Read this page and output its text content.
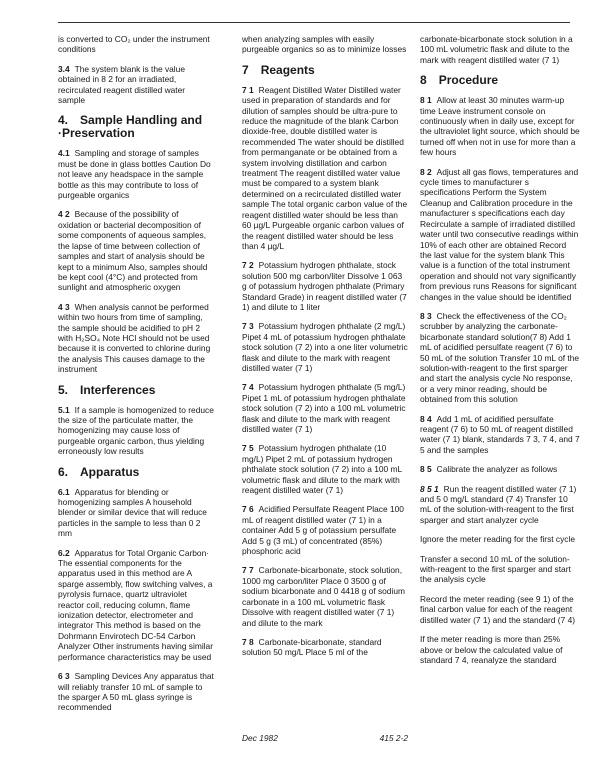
is converted to CO₂ under the instrument conditions

3.4 The system blank is the value obtained in 8 2 for an irradiated, recirculated reagent distilled water sample

4. Sample Handling and ·Preservation

4.1 Sampling and storage of samples must be done in glass bottles Caution Do not leave any headspace in the sample bottle as this may contribute to loss of purgeable organics

4 2 Because of the possibility of oxidation or bacterial decomposition of some components of aqueous samples, the lapse of time between collection of samples and start of analysis should be kept to a minimum Also, samples should be kept cool (4°C) and protected from sunlight and atmospheric oxygen

4 3 When analysis cannot be performed within two hours from time of sampling, the sample should be acidified to pH 2 with H₂SO₄ Note HCl should not be used because it is converted to chlorine during the analysis This causes damage to the instrument

5. Interferences

5.1 If a sample is homogenized to reduce the size of the particulate matter, the homogenizing may cause loss of purgeable organic carbon, thus yielding erroneously low results

6. Apparatus

6.1 Apparatus for blending or homogenizing samples A household blender or similar device that will reduce particles in the sample to less than 0 2 mm

6.2 Apparatus for Total Organic Carbon· The essential components for the apparatus used in this method are A sparge assembly, flow switching valves, a pyrolysis furnace, quartz ultraviolet reactor coil, reducing column, flame ionization detector, electrometer and integrator This method is based on the Dohrmann Envirotech DC-54 Carbon Analyzer Other instruments having similar performance characteristics may be used

6 3 Sampling Devices Any apparatus that will reliably transfer 10 mL of sample to the sparger A 50 mL glass syringe is recommended

when analyzing samples with easily purgeable organics so as to minimize losses

7 Reagents

7 1 Reagent Distilled Water Distilled water used in preparation of standards and for dilution of samples should be ultra-pure to reduce the magnitude of the blank Carbon dioxide-free, double distilled water is recommended The water should be distilled from permanganate or be obtained from a system involving distillation and carbon treatment The reagent distilled water value must be compared to a system blank determined on a recirculated distilled water sample The total organic carbon value of the reagent distilled water should be less than 60 µg/L Purgeable organic carbon values of the reagent distilled water should be less than 4 µg/L

7 2 Potassium hydrogen phthalate, stock solution 500 mg carbon/liter Dissolve 1 063 g of potassium hydrogen phthalate (Primary Standard Grade) in reagent distilled water (7 1) and dilute to 1 liter

7 3 Potassium hydrogen phthalate (2 mg/L) Pipet 4 mL of potassium hydrogen phthalate stock solution (7 2) into a one liter volumetric flask and dilute to the mark with reagent distilled water (7 1)

7 4 Potassium hydrogen phthalate (5 mg/L) Pipet 1 mL of potassium hydrogen phthalate stock solution (7 2) into a 100 mL volumetric flask and dilute to the mark with reagent distilled water (7 1)

7 5 Potassium hydrogen phthalate (10 mg/L) Pipet 2 mL of potassium hydrogen phthalate stock solution (7 2) into a 100 mL volumetric flask and dilute to the mark with reagent distilled water (7 1)

7 6 Acidified Persulfate Reagent Place 100 mL of reagent distilled water (7 1) in a container Add 5 g of potassium persulfate Add 5 g (3 mL) of concentrated (85%) phosphoric acid

7 7 Carbonate-bicarbonate, stock solution, 1000 mg carbon/liter Place 0 3500 g of sodium bicarbonate and 0 4418 g of sodium carbonate in a 100 mL volumetric flask Dissolve with reagent distilled water (7 1) and dilute to the mark

7 8 Carbonate-bicarbonate, standard solution 50 mg/L Place 5 ml of the

carbonate-bicarbonate stock solution in a 100 mL volumetric flask and dilute to the mark with reagent distilled water (7 1)

8 Procedure

8 1 Allow at least 30 minutes warm-up time Leave instrument console on continuously when in daily use, except for the ultraviolet light source, which should be turned off when not in use for more than a few hours

8 2 Adjust all gas flows, temperatures and cycle times to manufacturer s specifications Perform the System Cleanup and Calibration procedure in the manufacturer s specifications each day Recirculate a sample of irradiated distilled water until two consecutive readings within 10% of each other are obtained Record the last value for the system blank This value is a function of the total instrument operation and should not vary significantly from previous runs Reasons for significant changes in the value should be identified

8 3 Check the effectiveness of the CO₂ scrubber by analyzing the carbonate-bicarbonate standard solution(7 8) Add 1 mL of acidified persulfate reagent (7 6) to 50 mL of the solution Transfer 10 mL of the solution-with-reagent to the first sparger and start the analysis cycle No response, or a very minor reading, should be obtained from this solution

8 4 Add 1 mL of acidified persulfate reagent (7 6) to 50 mL of reagent distilled water (7 1) blank, standards 7 3, 7 4, and 7 5 and the samples

8 5 Calibrate the analyzer as follows

8 5 1 Run the reagent distilled water (7 1) and 5 0 mg/L standard (7 4) Transfer 10 mL of the solution-with-reagent to the first sparger and start analyzer cycle

Ignore the meter reading for the first cycle

Transfer a second 10 mL of the solution-with-reagent to the first sparger and start the analysis cycle

Record the meter reading (see 9 1) of the final carbon value for each of the reagent distilled water (7 1) and the standard (7 4)

If the meter reading is more than 25% above or below the calculated value of standard 7 4, reanalyze the standard

Dec 1982	415 2-2
